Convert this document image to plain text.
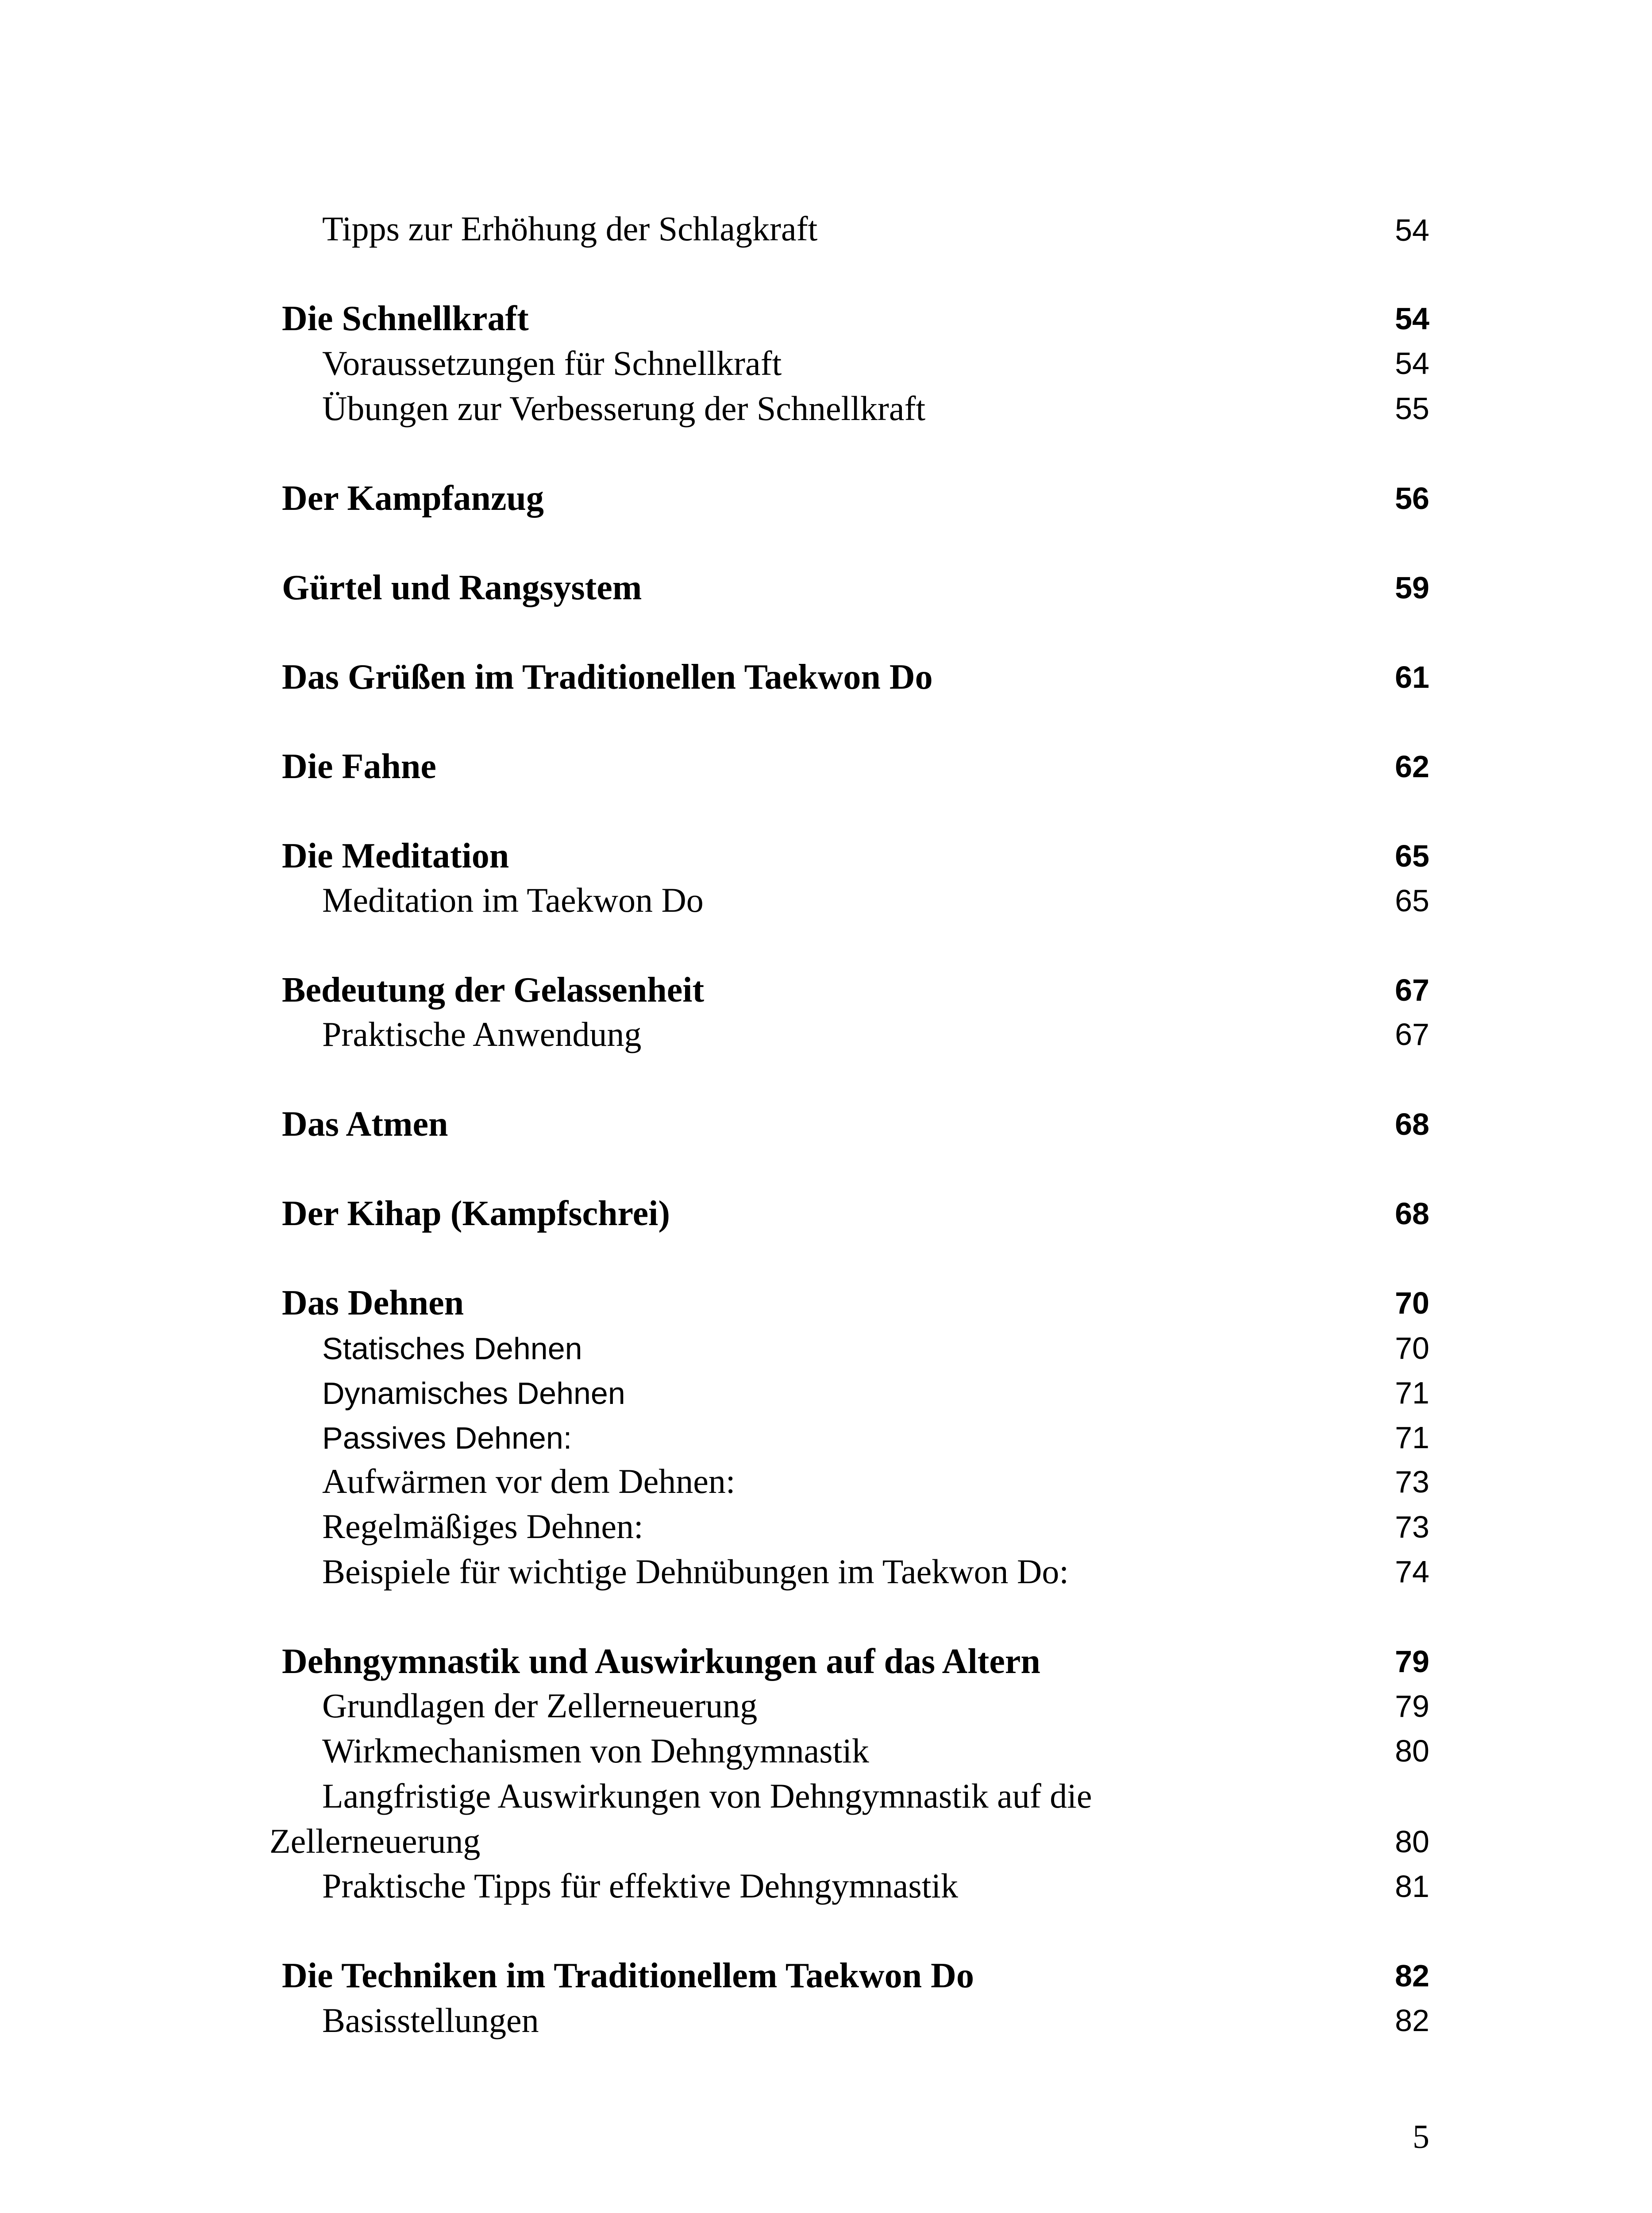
Tipps zur Erhöhung der Schlagkraft	54
Die Schnellkraft	54
Voraussetzungen für Schnellkraft	54
Übungen zur Verbesserung der Schnellkraft	55
Der Kampfanzug	56
Gürtel und Rangsystem	59
Das Grüßen im Traditionellen Taekwon Do	61
Die Fahne	62
Die Meditation	65
Meditation im Taekwon Do	65
Bedeutung der Gelassenheit	67
Praktische Anwendung	67
Das Atmen	68
Der Kihap (Kampfschrei)	68
Das Dehnen	70
Statisches Dehnen	70
Dynamisches Dehnen	71
Passives Dehnen:	71
Aufwärmen vor dem Dehnen:	73
Regelmäßiges Dehnen:	73
Beispiele für wichtige Dehnübungen im Taekwon Do:	74
Dehngymnastik und Auswirkungen auf das Altern	79
Grundlagen der Zellerneuerung	79
Wirkmechanismen von Dehngymnastik	80
Langfristige Auswirkungen von Dehngymnastik auf die
Zellerneuerung	80
Praktische Tipps für effektive Dehngymnastik	81
Die Techniken im Traditionellem Taekwon Do	82
Basisstellungen	82
5
